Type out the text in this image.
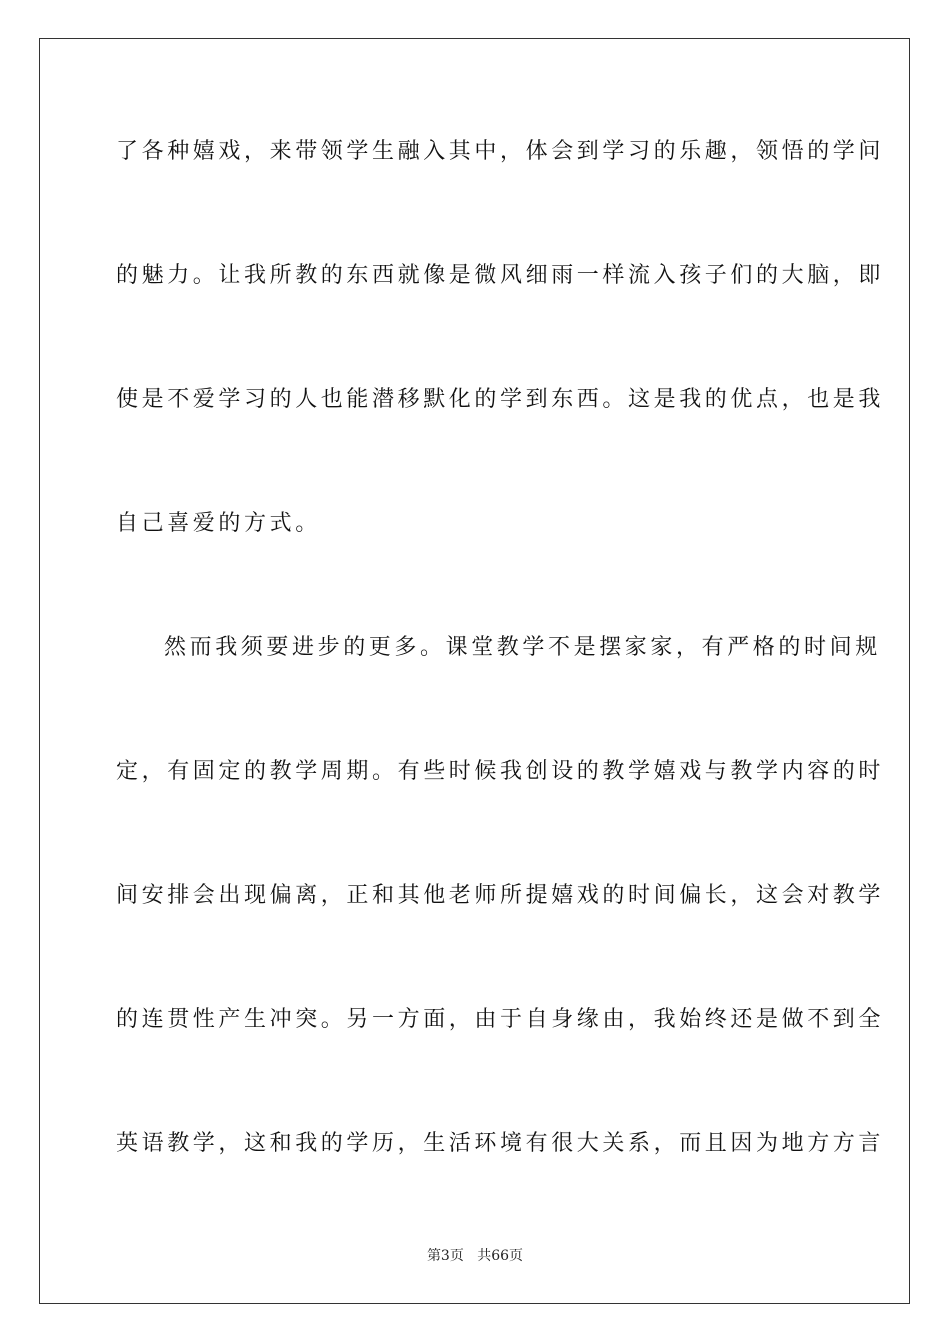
了各种嬉戏，来带领学生融入其中，体会到学习的乐趣，领悟的学问
的魅力。让我所教的东西就像是微风细雨一样流入孩子们的大脑，即
使是不爱学习的人也能潜移默化的学到东西。这是我的优点，也是我
自己喜爱的方式。
然而我须要进步的更多。课堂教学不是摆家家，有严格的时间规
定，有固定的教学周期。有些时候我创设的教学嬉戏与教学内容的时
间安排会出现偏离，正和其他老师所提嬉戏的时间偏长，这会对教学
的连贯性产生冲突。另一方面，由于自身缘由，我始终还是做不到全
英语教学，这和我的学历，生活环境有很大关系，而且因为地方方言
第3页 共66页
